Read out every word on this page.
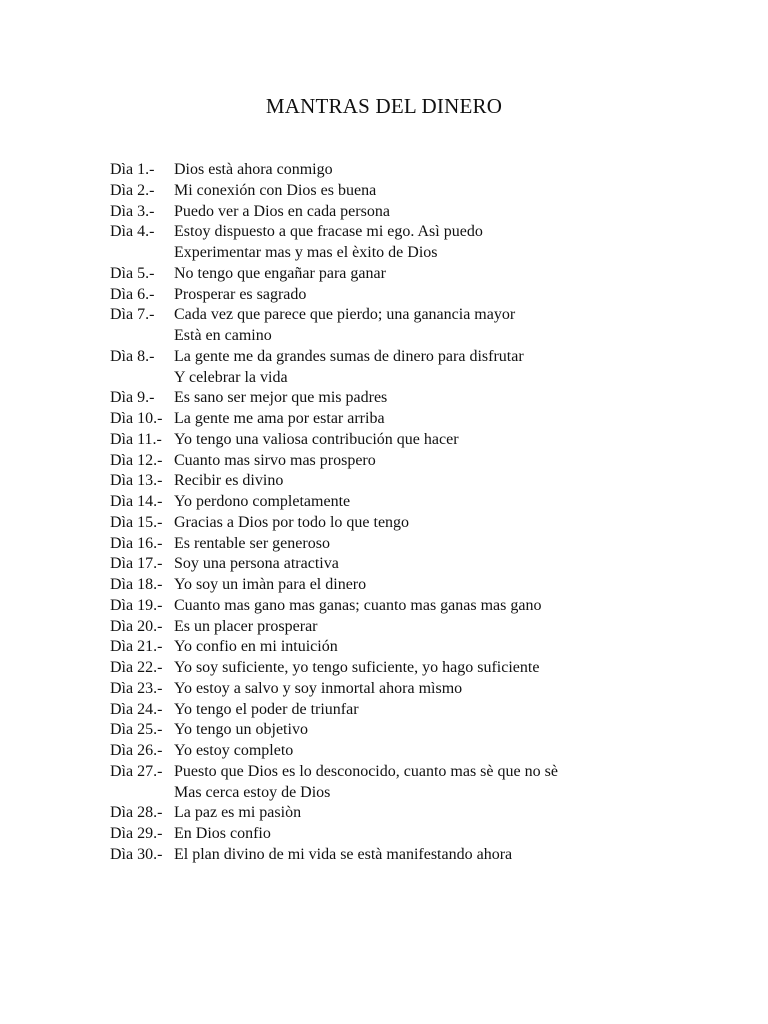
MANTRAS DEL DINERO
Dìa 1.-	Dios està ahora conmigo
Dìa 2.-	Mi conexión con Dios es buena
Dìa 3.-	Puedo ver a Dios en cada persona
Dìa 4.-	Estoy dispuesto a que fracase mi ego. Asì puedo
Experimentar mas y mas el èxito de Dios
Dìa 5.-	No tengo que engañar para ganar
Dìa 6.-	Prosperar es sagrado
Dìa 7.-	Cada vez que parece que pierdo; una ganancia mayor
Està en camino
Dìa 8.-	La gente me da grandes sumas de dinero para disfrutar
Y celebrar la vida
Dìa 9.-	Es sano ser mejor que mis padres
Dìa 10.- La gente me ama por estar arriba
Dìa 11.- Yo tengo una valiosa contribución que hacer
Dìa 12.- Cuanto mas sirvo mas prospero
Dìa 13.- Recibir es divino
Dìa 14.- Yo perdono completamente
Dìa 15.- Gracias a Dios por todo lo que tengo
Dìa 16.- Es rentable ser generoso
Dìa 17.- Soy una persona atractiva
Dìa 18.- Yo soy un imàn para el dinero
Dìa 19.- Cuanto mas gano mas ganas; cuanto mas ganas mas gano
Dìa 20.- Es un placer prosperar
Dìa 21.- Yo confio en mi intuición
Dìa 22.- Yo soy suficiente, yo tengo suficiente, yo hago suficiente
Dìa 23.- Yo estoy a salvo y soy inmortal ahora mìsmo
Dìa 24.- Yo tengo el poder de triunfar
Dìa 25.- Yo tengo un objetivo
Dìa 26.- Yo estoy completo
Dìa 27.- Puesto que Dios es lo desconocido, cuanto mas sè que no sè
Mas cerca estoy de Dios
Dìa 28.- La paz es mi pasiòn
Dìa 29.- En Dios confio
Dìa 30.- El plan divino de mi vida se està manifestando ahora
